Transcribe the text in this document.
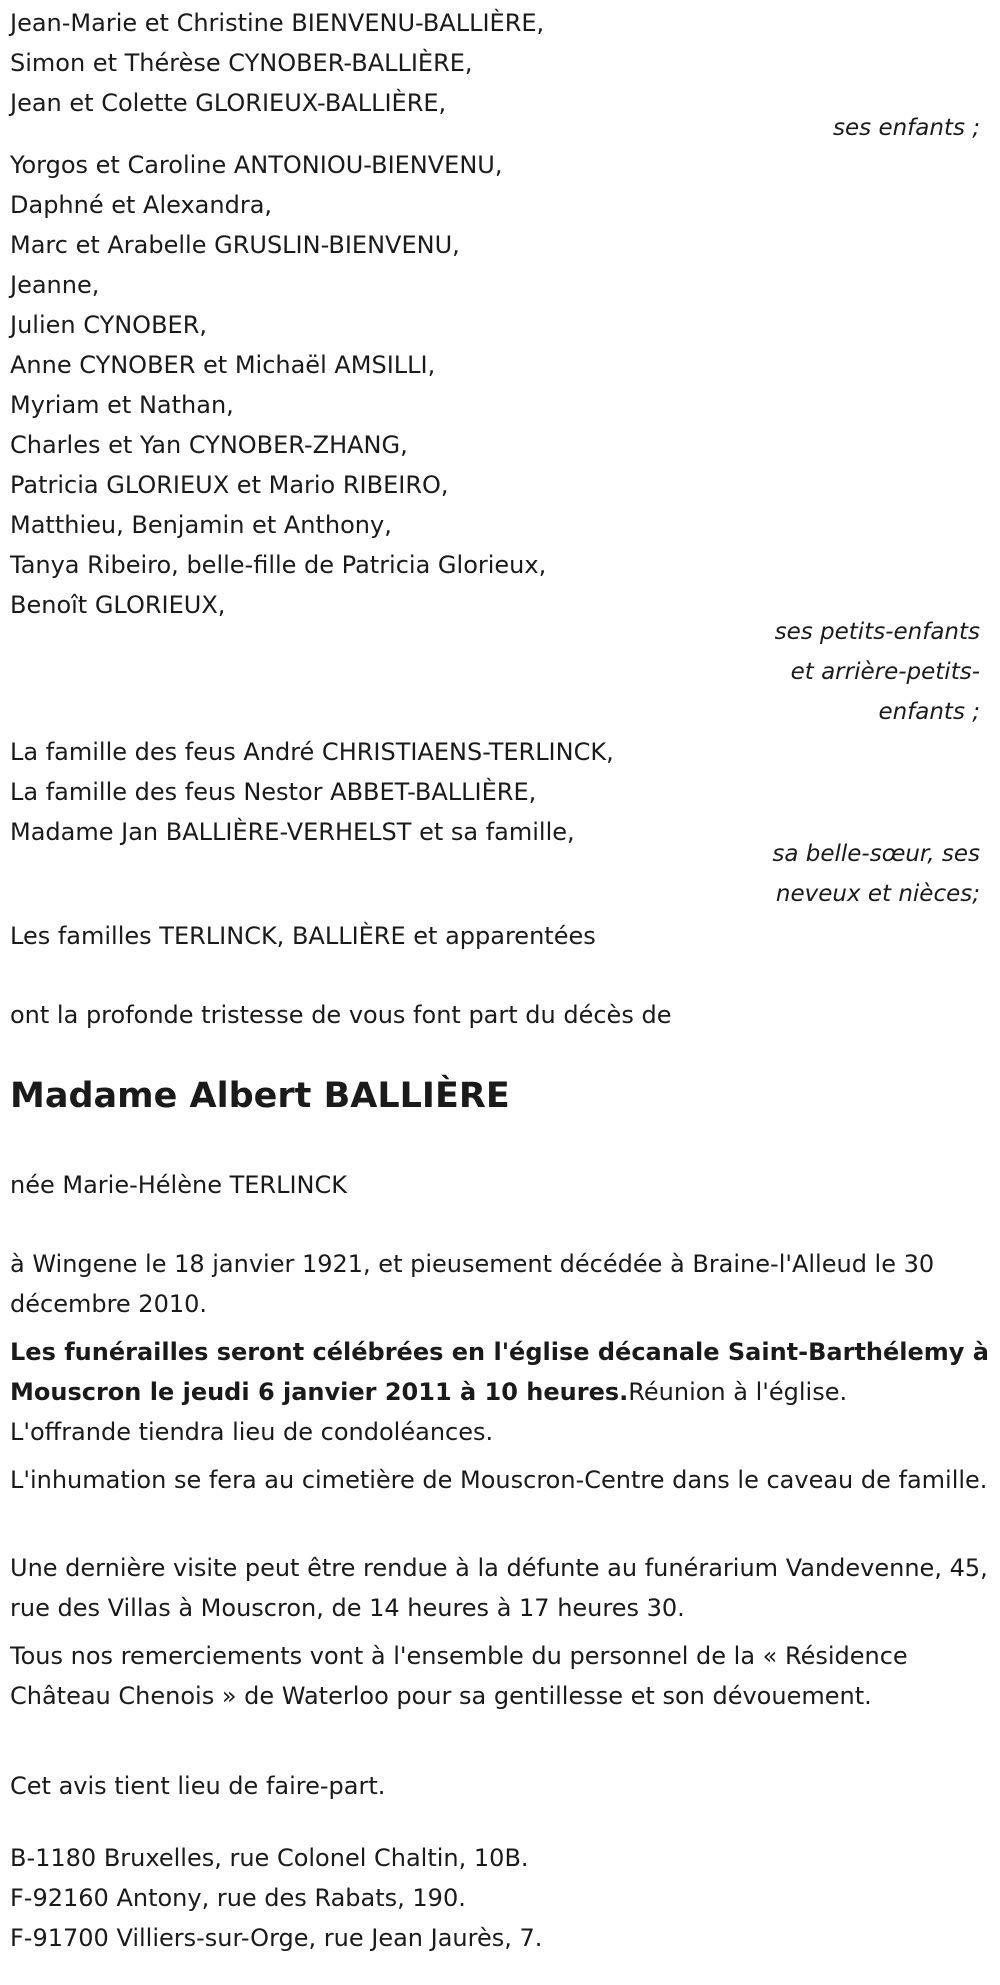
Jean-Marie et Christine BIENVENU-BALLIÈRE,
Simon et Thérèse CYNOBER-BALLIÈRE,
Jean et Colette GLORIEUX-BALLIÈRE,
ses enfants ;
Yorgos et Caroline ANTONIOU-BIENVENU,
Daphné et Alexandra,
Marc et Arabelle GRUSLIN-BIENVENU,
Jeanne,
Julien CYNOBER,
Anne CYNOBER et Michaël AMSILLI,
Myriam et Nathan,
Charles et Yan CYNOBER-ZHANG,
Patricia GLORIEUX et Mario RIBEIRO,
Matthieu, Benjamin et Anthony,
Tanya Ribeiro, belle-fille de Patricia Glorieux,
Benoît GLORIEUX,
ses petits-enfants
et arrière-petits-
enfants ;
La famille des feus André CHRISTIAENS-TERLINCK,
La famille des feus Nestor ABBET-BALLIÈRE,
Madame Jan BALLIÈRE-VERHELST et sa famille,
sa belle-sœur, ses
neveux et nièces;
Les familles TERLINCK, BALLIÈRE et apparentées
ont la profonde tristesse de vous font part du décès de
Madame Albert BALLIÈRE
née Marie-Hélène TERLINCK
à Wingene le 18 janvier 1921, et pieusement décédée à Braine-l'Alleud le 30 décembre 2010.
Les funérailles seront célébrées en l'église décanale Saint-Barthélemy à Mouscron le jeudi 6 janvier 2011 à 10 heures.Réunion à l'église.
L'offrande tiendra lieu de condoléances.
L'inhumation se fera au cimetière de Mouscron-Centre dans le caveau de famille.
Une dernière visite peut être rendue à la défunte au funérarium Vandevenne, 45, rue des Villas à Mouscron, de 14 heures à 17 heures 30.
Tous nos remerciements vont à l'ensemble du personnel de la « Résidence Château Chenois » de Waterloo pour sa gentillesse et son dévouement.
Cet avis tient lieu de faire-part.
B-1180 Bruxelles, rue Colonel Chaltin, 10B.
F-92160 Antony, rue des Rabats, 190.
F-91700 Villiers-sur-Orge, rue Jean Jaurès, 7.
